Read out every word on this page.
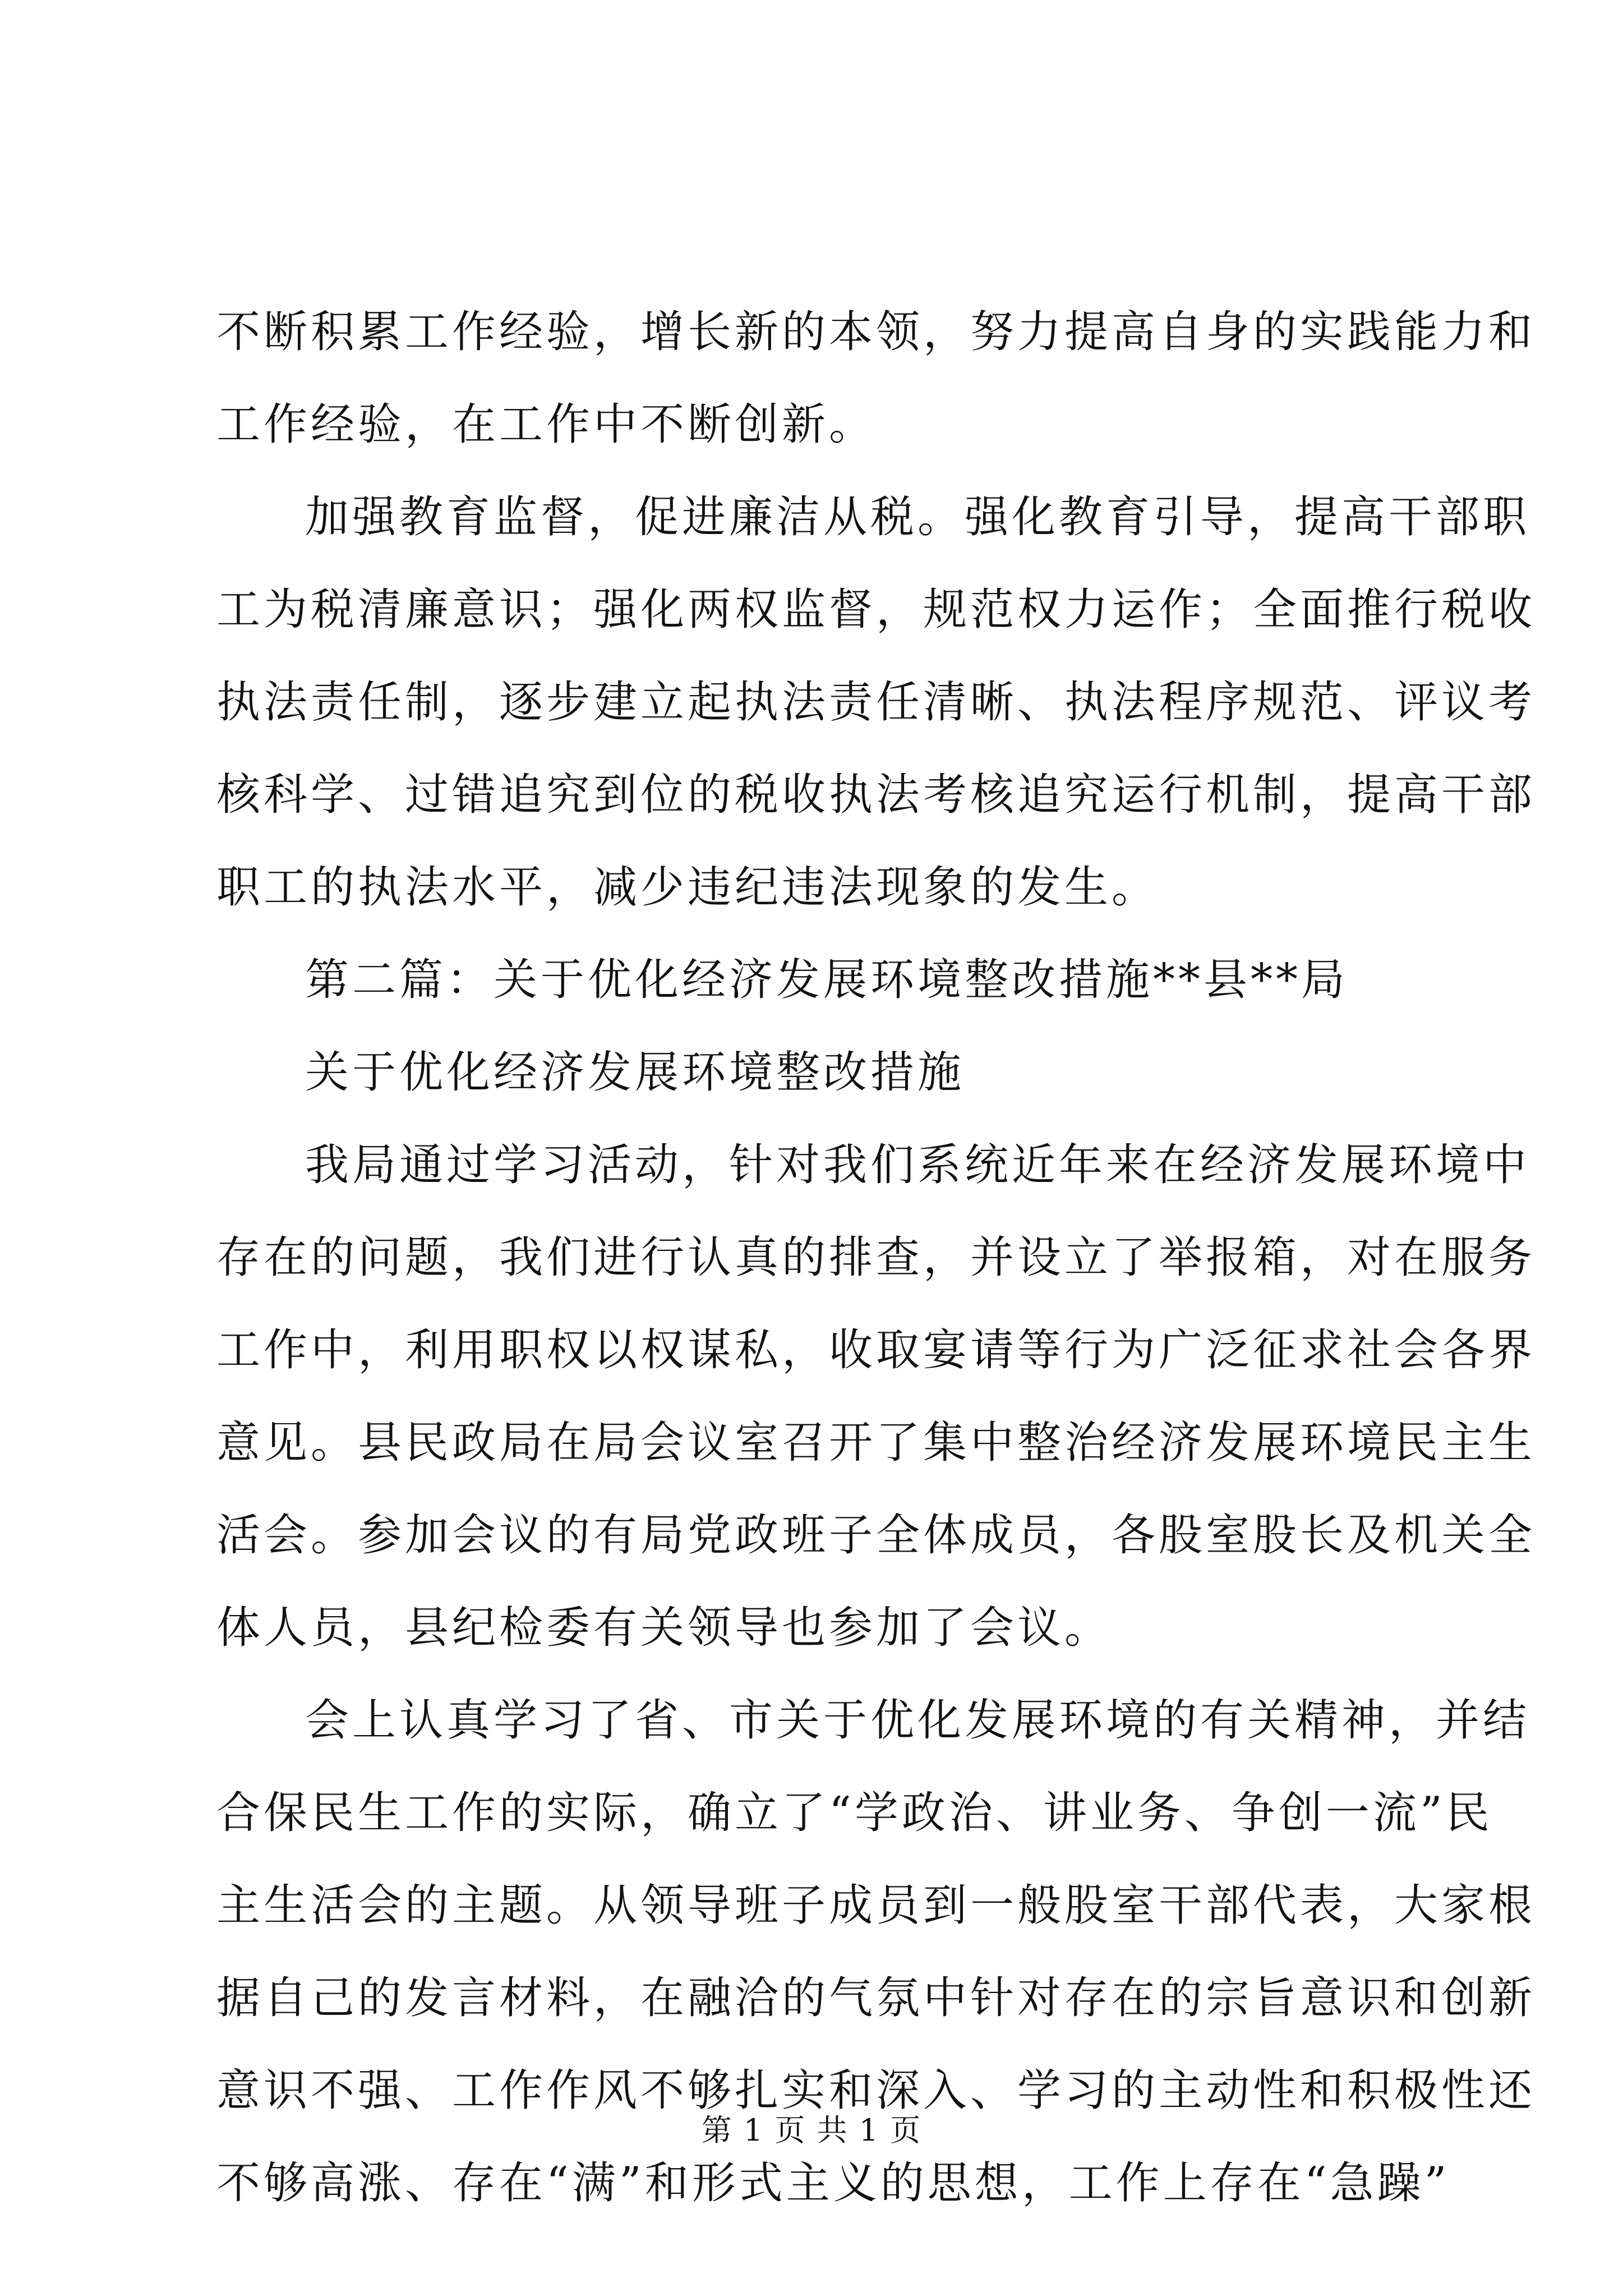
不断积累工作经验，增长新的本领，努力提高自身的实践能力和
工作经验，在工作中不断创新。
加强教育监督，促进廉洁从税。强化教育引导，提高干部职
工为税清廉意识；强化两权监督，规范权力运作；全面推行税收
执法责任制，逐步建立起执法责任清晰、执法程序规范、评议考
核科学、过错追究到位的税收执法考核追究运行机制，提高干部
职工的执法水平，减少违纪违法现象的发生。
第二篇：关于优化经济发展环境整改措施**县**局
关于优化经济发展环境整改措施
我局通过学习活动，针对我们系统近年来在经济发展环境中
存在的问题，我们进行认真的排查，并设立了举报箱，对在服务
工作中，利用职权以权谋私，收取宴请等行为广泛征求社会各界
意见。县民政局在局会议室召开了集中整治经济发展环境民主生
活会。参加会议的有局党政班子全体成员，各股室股长及机关全
体人员，县纪检委有关领导也参加了会议。
会上认真学习了省、市关于优化发展环境的有关精神，并结
合保民生工作的实际，确立了“学政治、讲业务、争创一流”民
主生活会的主题。从领导班子成员到一般股室干部代表，大家根
据自己的发言材料，在融洽的气氛中针对存在的宗旨意识和创新
意识不强、工作作风不够扎实和深入、学习的主动性和积极性还
不够高涨、存在“满”和形式主义的思想，工作上存在“急躁”
第 1 页 共 1 页
